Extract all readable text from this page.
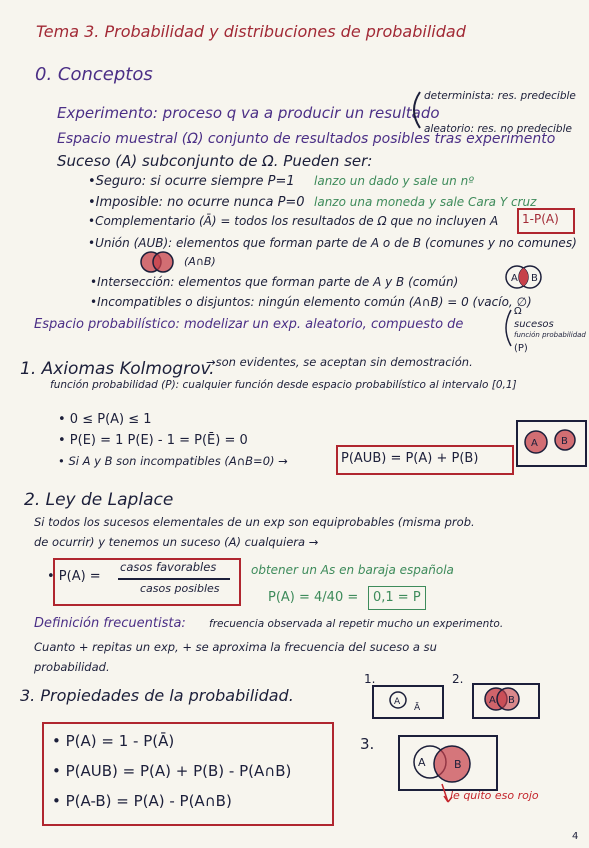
Tema 3. Probabilidad y distribuciones de probabilidad
0. Conceptos
Experimento: proceso q va a producir un resultado
determinista: res. predecible
aleatorio: res. no predecible
Espacio muestral (Ω) conjunto de resultados posibles tras experimento
Suceso (A) subconjunto de Ω. Pueden ser:
•Seguro: si ocurre siempre P=1 lanzo un dado y sale un nº
•Imposible: no ocurre nunca P=0 lanzo una moneda y sale Cara Y cruz
•Complementario (Ā) = todos los resultados de Ω que no incluyen A 1-P(A)
•Unión (AUB): elementos que forman parte de A o de B (comunes y no comunes)
(A∩B)
•Intersección: elementos que forman parte de A y B (común)	A B
•Incompatibles o disjuntos: ningún elemento común (A∩B) = 0 (vacío, ∅)
Espacio probabilístico: modelizar un exp. aleatorio, compuesto de
Ω
sucesos
función probabilidad
(P)
1. Axiomas Kolmogrov.
→son evidentes, se aceptan sin demostración.
función probabilidad (P): cualquier función desde espacio probabilístico al intervalo [0,1]
• 0 ≤ P(A) ≤ 1
• P(E) = 1 P(E) - 1 = P(Ē) = 0
• Si A y B son incompatibles (A∩B=0) →	P(AUB) = P(A) + P(B)
A B
2. Ley de Laplace
Si todos los sucesos elementales de un exp son equiprobables (misma prob.
de ocurrir) y tenemos un suceso (A) cualquiera →
• P(A) =
casos favorables
casos posibles
obtener un As en baraja española
P(A) = 4/40 = 0,1 = P
Definición frecuentista: frecuencia observada al repetir mucho un experimento.
Cuanto + repitas un exp, + se aproxima la frecuencia del suceso a su
probabilidad.
3. Propiedades de la probabilidad.
• P(A) = 1 - P(Ā)
• P(AUB) = P(A) + P(B) - P(A∩B)
• P(A-B) = P(A) - P(A∩B)
1.
A
Ā
2.
A B
3.
A	B
le quito eso rojo
4
